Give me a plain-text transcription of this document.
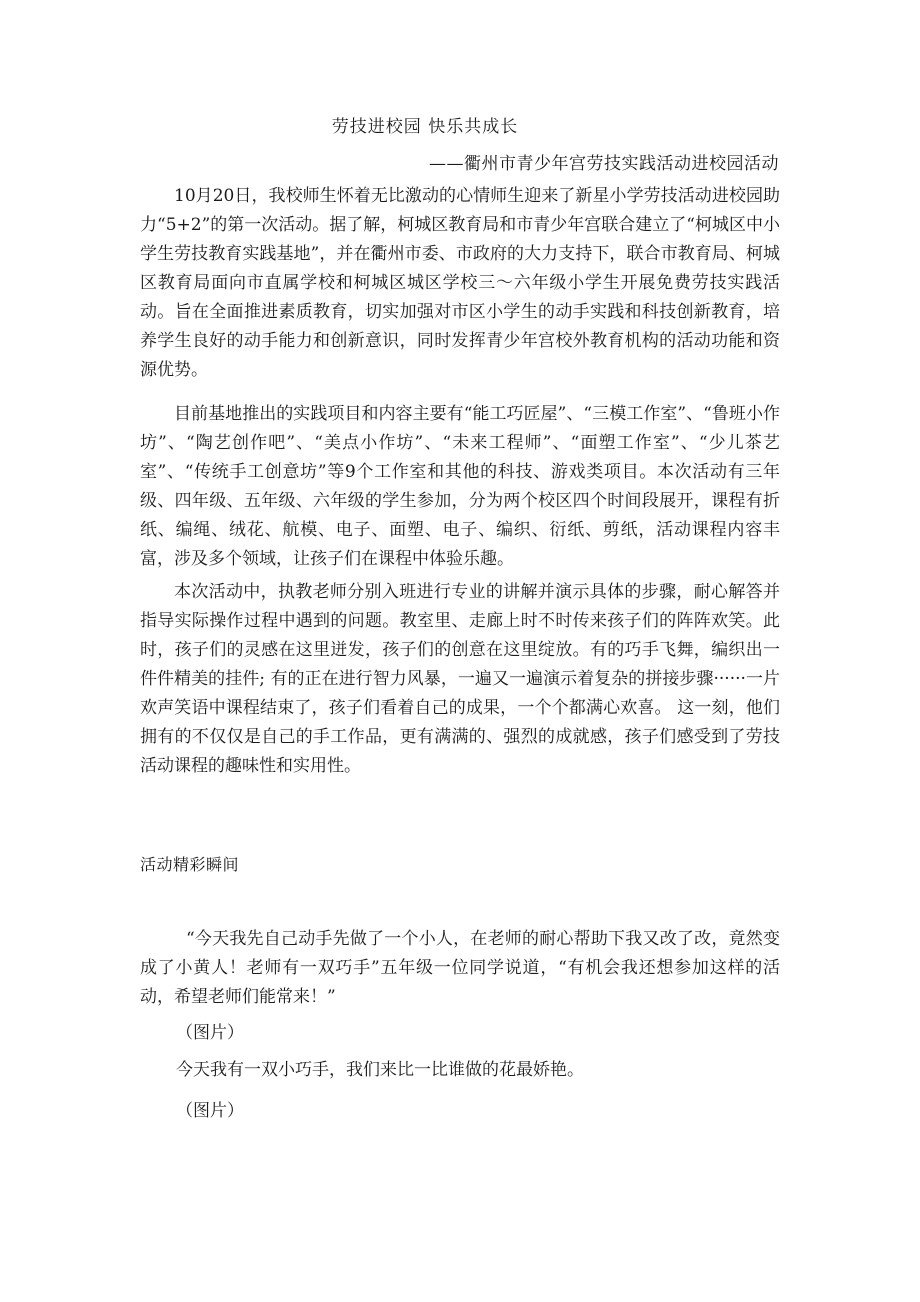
劳技进校园 快乐共成长
——衢州市青少年宫劳技实践活动进校园活动

10月20日，我校师生怀着无比激动的心情师生迎来了新星小学劳技活动进校园助力“5+2”的第一次活动。据了解，柯城区教育局和市青少年宫联合建立了“柯城区中小学生劳技教育实践基地”，并在衢州市委、市政府的大力支持下，联合市教育局、柯城区教育局面向市直属学校和柯城区城区学校三～六年级小学生开展免费劳技实践活动。旨在全面推进素质教育，切实加强对市区小学生的动手实践和科技创新教育，培养学生良好的动手能力和创新意识，同时发挥青少年宫校外教育机构的活动功能和资源优势。

目前基地推出的实践项目和内容主要有“能工巧匠屋”、“三模工作室”、“鲁班小作坊”、“陶艺创作吧”、“美点小作坊”、“未来工程师”、“面塑工作室”、“少儿茶艺室”、“传统手工创意坊”等9个工作室和其他的科技、游戏类项目。本次活动有三年级、四年级、五年级、六年级的学生参加，分为两个校区四个时间段展开，课程有折纸、编绳、绒花、航模、电子、面塑、电子、编织、衍纸、剪纸，活动课程内容丰富，涉及多个领域，让孩子们在课程中体验乐趣。

本次活动中，执教老师分别入班进行专业的讲解并演示具体的步骤，耐心解答并指导实际操作过程中遇到的问题。教室里、走廊上时不时传来孩子们的阵阵欢笑。此时，孩子们的灵感在这里迸发，孩子们的创意在这里绽放。有的巧手飞舞，编织出一件件精美的挂件; 有的正在进行智力风暴，一遍又一遍演示着复杂的拼接步骤······一片欢声笑语中课程结束了，孩子们看着自己的成果，一个个都满心欢喜。 这一刻，他们拥有的不仅仅是自己的手工作品，更有满满的、强烈的成就感，孩子们感受到了劳技活动课程的趣味性和实用性。

活动精彩瞬间

“今天我先自己动手先做了一个小人，在老师的耐心帮助下我又改了改，竟然变成了小黄人！老师有一双巧手”五年级一位同学说道，“有机会我还想参加这样的活动，希望老师们能常来！”

（图片）
今天我有一双小巧手，我们来比一比谁做的花最娇艳。
（图片）
